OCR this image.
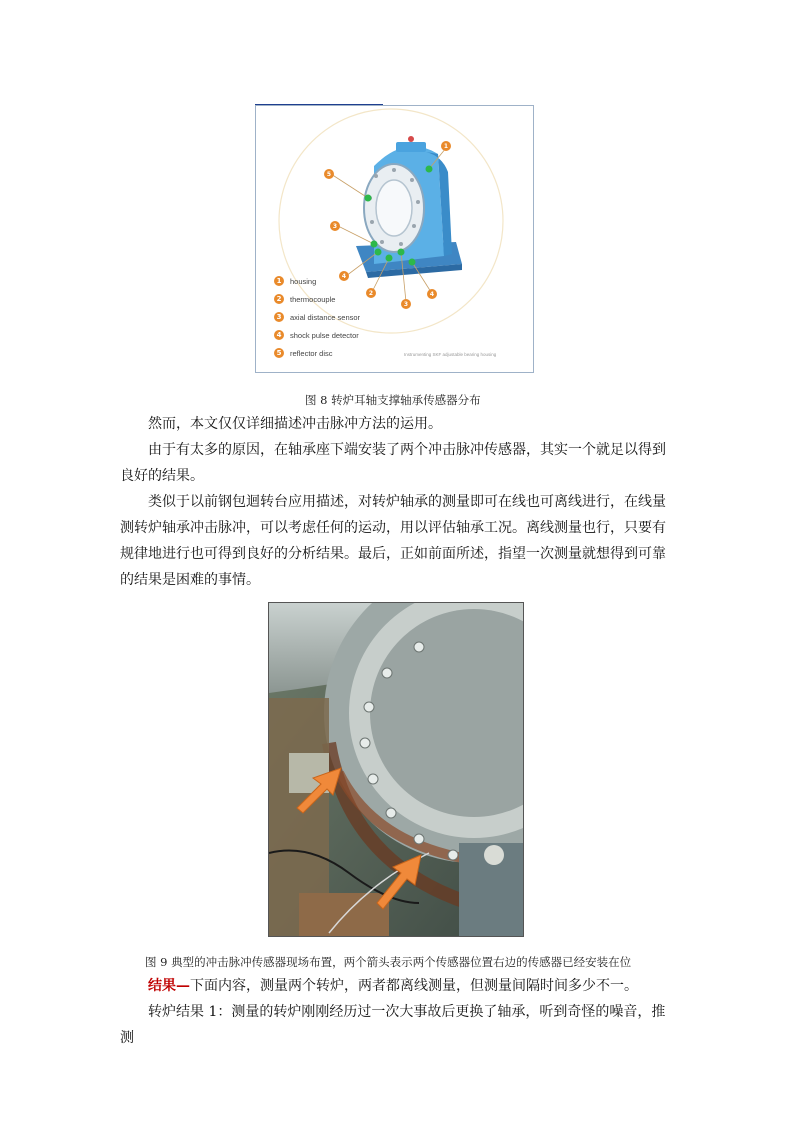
1
5
3
4
2
3
4
1	housing
2	thermocouple
3	axial distance sensor
4	shock pulse detector
5	reflector disc	Instrumenting SKF adjustable bearing housing
图 8 转炉耳轴支撑轴承传感器分布
然而，本文仅仅详细描述冲击脉冲方法的运用。
由于有太多的原因，在轴承座下端安装了两个冲击脉冲传感器，其实一个就足以得到良好的结果。
类似于以前钢包迴转台应用描述，对转炉轴承的测量即可在线也可离线进行，在线量测转炉轴承冲击脉冲，可以考虑任何的运动，用以评估轴承工况。离线测量也行，只要有规律地进行也可得到良好的分析结果。最后，正如前面所述，指望一次测量就想得到可靠的结果是困难的事情。
图 9 典型的冲击脉冲传感器现场布置，两个箭头表示两个传感器位置右边的传感器已经安装在位
结果—下面内容，测量两个转炉，两者都离线测量，但测量间隔时间多少不一。
转炉结果 1：测量的转炉刚刚经历过一次大事故后更换了轴承，听到奇怪的噪音，推测
